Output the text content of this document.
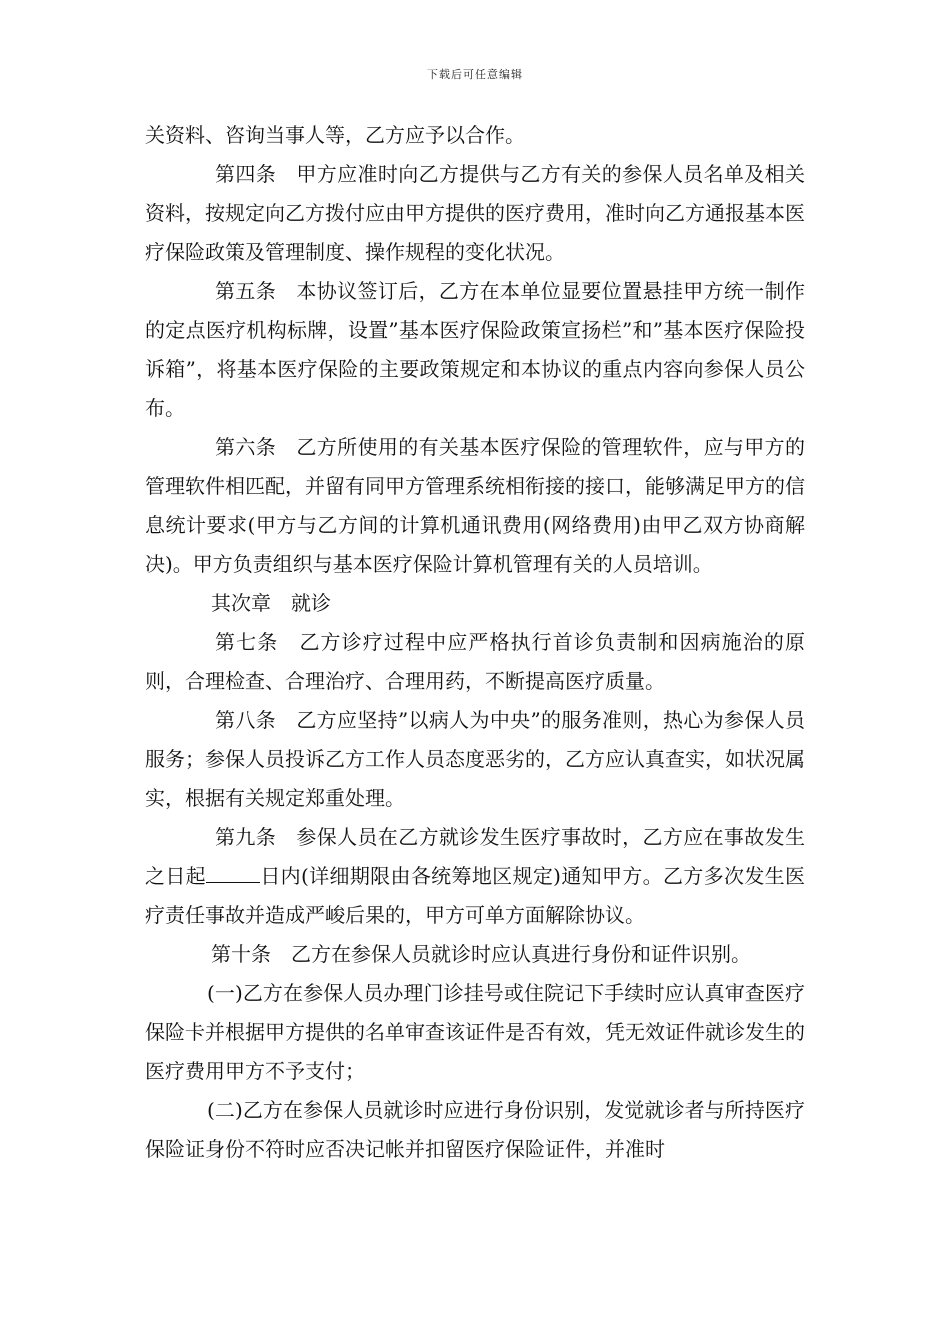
下载后可任意编辑

关资料、咨询当事人等，乙方应予以合作。

第四条　甲方应准时向乙方提供与乙方有关的参保人员名单及相关资料，按规定向乙方拨付应由甲方提供的医疗费用，准时向乙方通报基本医疗保险政策及管理制度、操作规程的变化状况。

第五条　本协议签订后，乙方在本单位显要位置悬挂甲方统一制作的定点医疗机构标牌，设置”基本医疗保险政策宣扬栏”和”基本医疗保险投诉箱”，将基本医疗保险的主要政策规定和本协议的重点内容向参保人员公布。

第六条　乙方所使用的有关基本医疗保险的管理软件，应与甲方的管理软件相匹配，并留有同甲方管理系统相衔接的接口，能够满足甲方的信息统计要求(甲方与乙方间的计算机通讯费用(网络费用)由甲乙双方协商解决)。甲方负责组织与基本医疗保险计算机管理有关的人员培训。

其次章　就诊

第七条　乙方诊疗过程中应严格执行首诊负责制和因病施治的原则，合理检查、合理治疗、合理用药，不断提高医疗质量。

第八条　乙方应坚持”以病人为中央”的服务准则，热心为参保人员服务；参保人员投诉乙方工作人员态度恶劣的，乙方应认真查实，如状况属实，根据有关规定郑重处理。

第九条　参保人员在乙方就诊发生医疗事故时，乙方应在事故发生之日起	日内(详细期限由各统筹地区规定)通知甲方。乙方多次发生医疗责任事故并造成严峻后果的，甲方可单方面解除协议。

第十条　乙方在参保人员就诊时应认真进行身份和证件识别。

(一)乙方在参保人员办理门诊挂号或住院记下手续时应认真审查医疗保险卡并根据甲方提供的名单审查该证件是否有效，凭无效证件就诊发生的医疗费用甲方不予支付；

(二)乙方在参保人员就诊时应进行身份识别，发觉就诊者与所持医疗保险证身份不符时应否决记帐并扣留医疗保险证件，并准时
